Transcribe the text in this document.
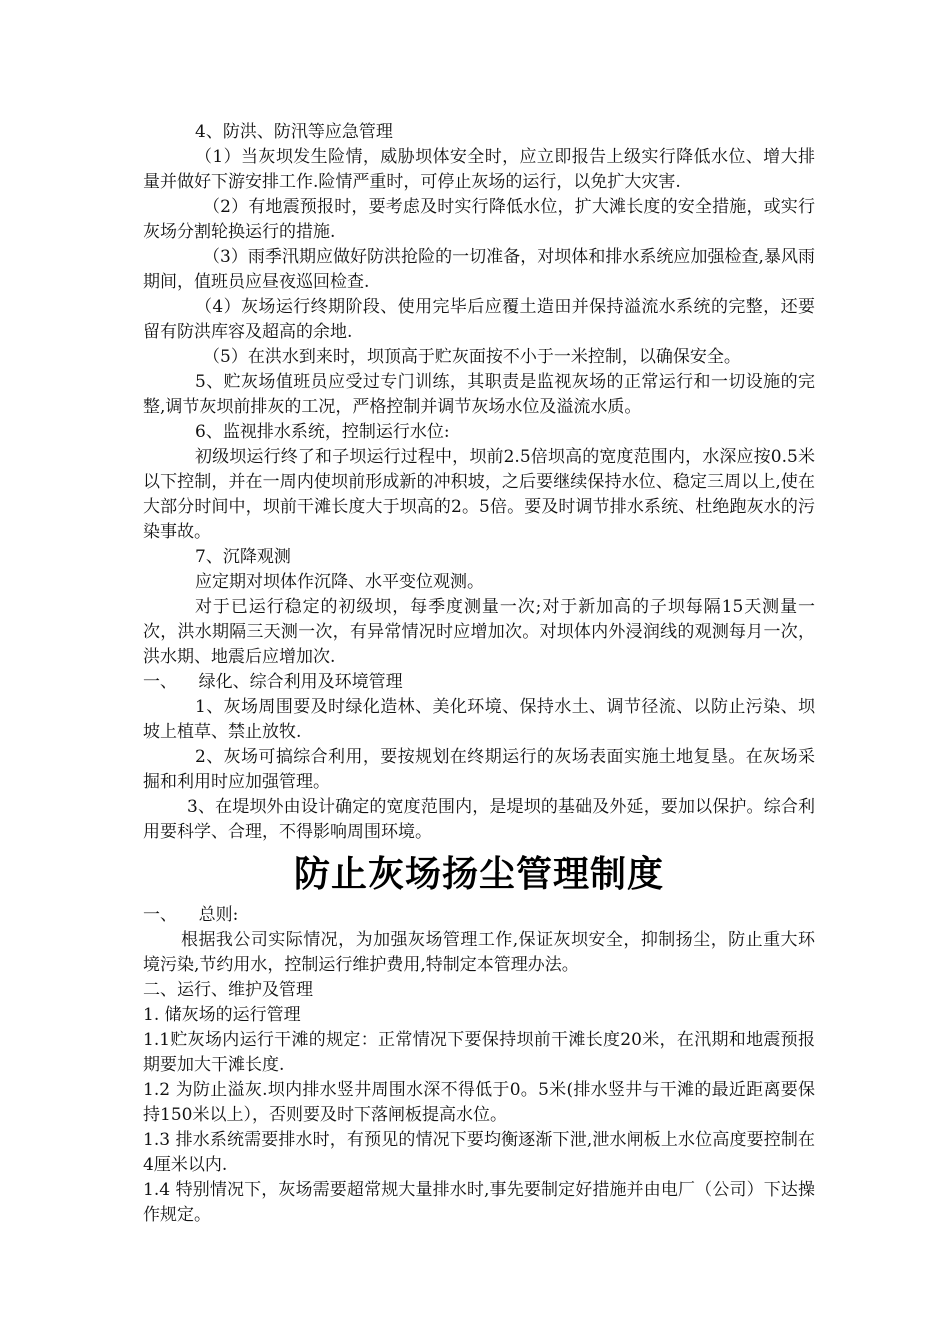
4、防洪、防汛等应急管理

（1）当灰坝发生险情，威胁坝体安全时，应立即报告上级实行降低水位、增大排量并做好下游安排工作.险情严重时，可停止灰场的运行，以免扩大灾害.

（2）有地震预报时，要考虑及时实行降低水位，扩大滩长度的安全措施，或实行灰场分割轮换运行的措施.

（3）雨季汛期应做好防洪抢险的一切准备，对坝体和排水系统应加强检查,暴风雨期间，值班员应昼夜巡回检查.

（4）灰场运行终期阶段、使用完毕后应覆土造田并保持溢流水系统的完整，还要留有防洪库容及超高的余地.

（5）在洪水到来时，坝顶高于贮灰面按不小于一米控制，以确保安全。

5、贮灰场值班员应受过专门训练，其职责是监视灰场的正常运行和一切设施的完整,调节灰坝前排灰的工况，严格控制并调节灰场水位及溢流水质。

6、监视排水系统，控制运行水位:

初级坝运行终了和子坝运行过程中，坝前2.5倍坝高的宽度范围内，水深应按0.5米以下控制，并在一周内使坝前形成新的冲积坡，之后要继续保持水位、稳定三周以上,使在大部分时间中，坝前干滩长度大于坝高的2。5倍。要及时调节排水系统、杜绝跑灰水的污染事故。

7、沉降观测

应定期对坝体作沉降、水平变位观测。

对于已运行稳定的初级坝，每季度测量一次;对于新加高的子坝每隔15天测量一次，洪水期隔三天测一次，有异常情况时应增加次。对坝体内外浸润线的观测每月一次，洪水期、地震后应增加次.

一、    绿化、综合利用及环境管理

1、灰场周围要及时绿化造林、美化环境、保持水土、调节径流、以防止污染、坝坡上植草、禁止放牧.

2、灰场可搞综合利用，要按规划在终期运行的灰场表面实施土地复垦。在灰场采掘和利用时应加强管理。

3、在堤坝外由设计确定的宽度范围内，是堤坝的基础及外延，要加以保护。综合利用要科学、合理，不得影响周围环境。

防止灰场扬尘管理制度

一、    总则:

根据我公司实际情况，为加强灰场管理工作,保证灰坝安全，抑制扬尘，防止重大环境污染,节约用水，控制运行维护费用,特制定本管理办法。

二、运行、维护及管理

1. 储灰场的运行管理

1.1贮灰场内运行干滩的规定：正常情况下要保持坝前干滩长度20米，在汛期和地震预报期要加大干滩长度.

1.2 为防止溢灰.坝内排水竖井周围水深不得低于0。5米(排水竖井与干滩的最近距离要保持150米以上），否则要及时下落闸板提高水位。

1.3 排水系统需要排水时，有预见的情况下要均衡逐渐下泄,泄水闸板上水位高度要控制在4厘米以内.

1.4 特别情况下，灰场需要超常规大量排水时,事先要制定好措施并由电厂（公司）下达操作规定。
